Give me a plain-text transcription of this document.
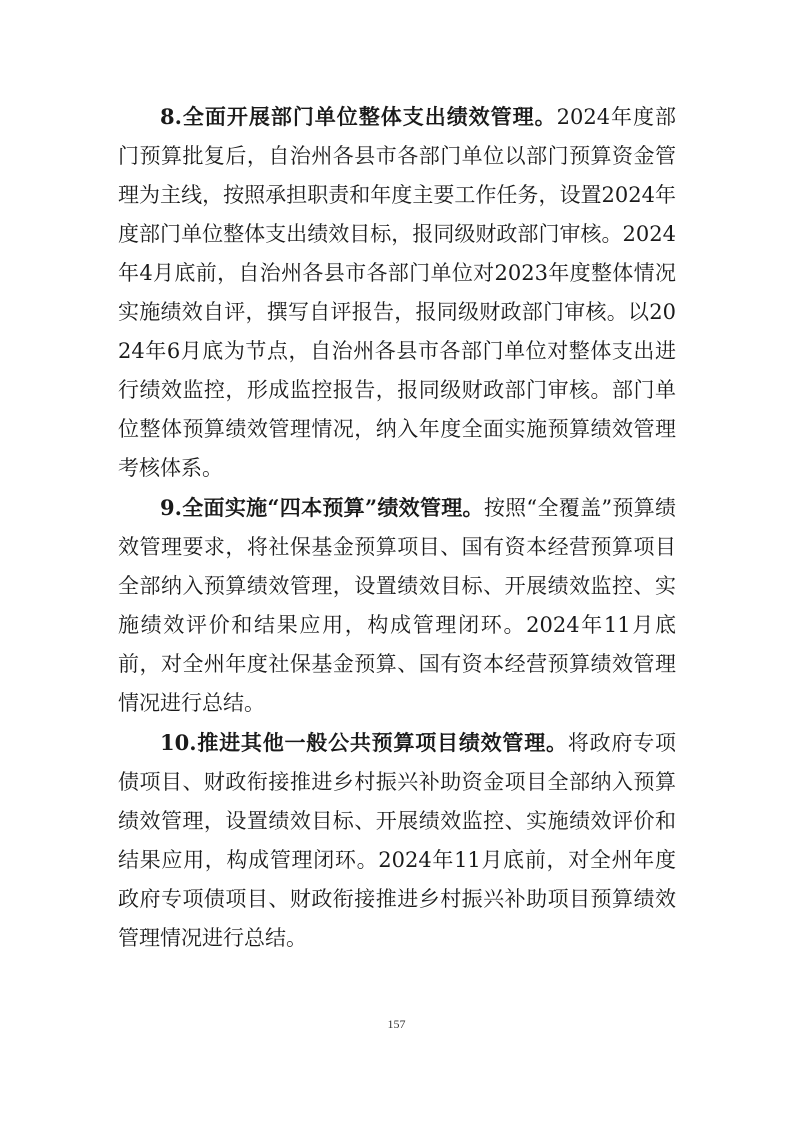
8.全面开展部门单位整体支出绩效管理。2024年度部门预算批复后，自治州各县市各部门单位以部门预算资金管理为主线，按照承担职责和年度主要工作任务，设置2024年度部门单位整体支出绩效目标，报同级财政部门审核。2024年4月底前，自治州各县市各部门单位对2023年度整体情况实施绩效自评，撰写自评报告，报同级财政部门审核。以2024年6月底为节点，自治州各县市各部门单位对整体支出进行绩效监控，形成监控报告，报同级财政部门审核。部门单位整体预算绩效管理情况，纳入年度全面实施预算绩效管理考核体系。

9.全面实施“四本预算”绩效管理。按照“全覆盖”预算绩效管理要求，将社保基金预算项目、国有资本经营预算项目全部纳入预算绩效管理，设置绩效目标、开展绩效监控、实施绩效评价和结果应用，构成管理闭环。2024年11月底前，对全州年度社保基金预算、国有资本经营预算绩效管理情况进行总结。

10.推进其他一般公共预算项目绩效管理。将政府专项债项目、财政衔接推进乡村振兴补助资金项目全部纳入预算绩效管理，设置绩效目标、开展绩效监控、实施绩效评价和结果应用，构成管理闭环。2024年11月底前，对全州年度政府专项债项目、财政衔接推进乡村振兴补助项目预算绩效管理情况进行总结。

157
